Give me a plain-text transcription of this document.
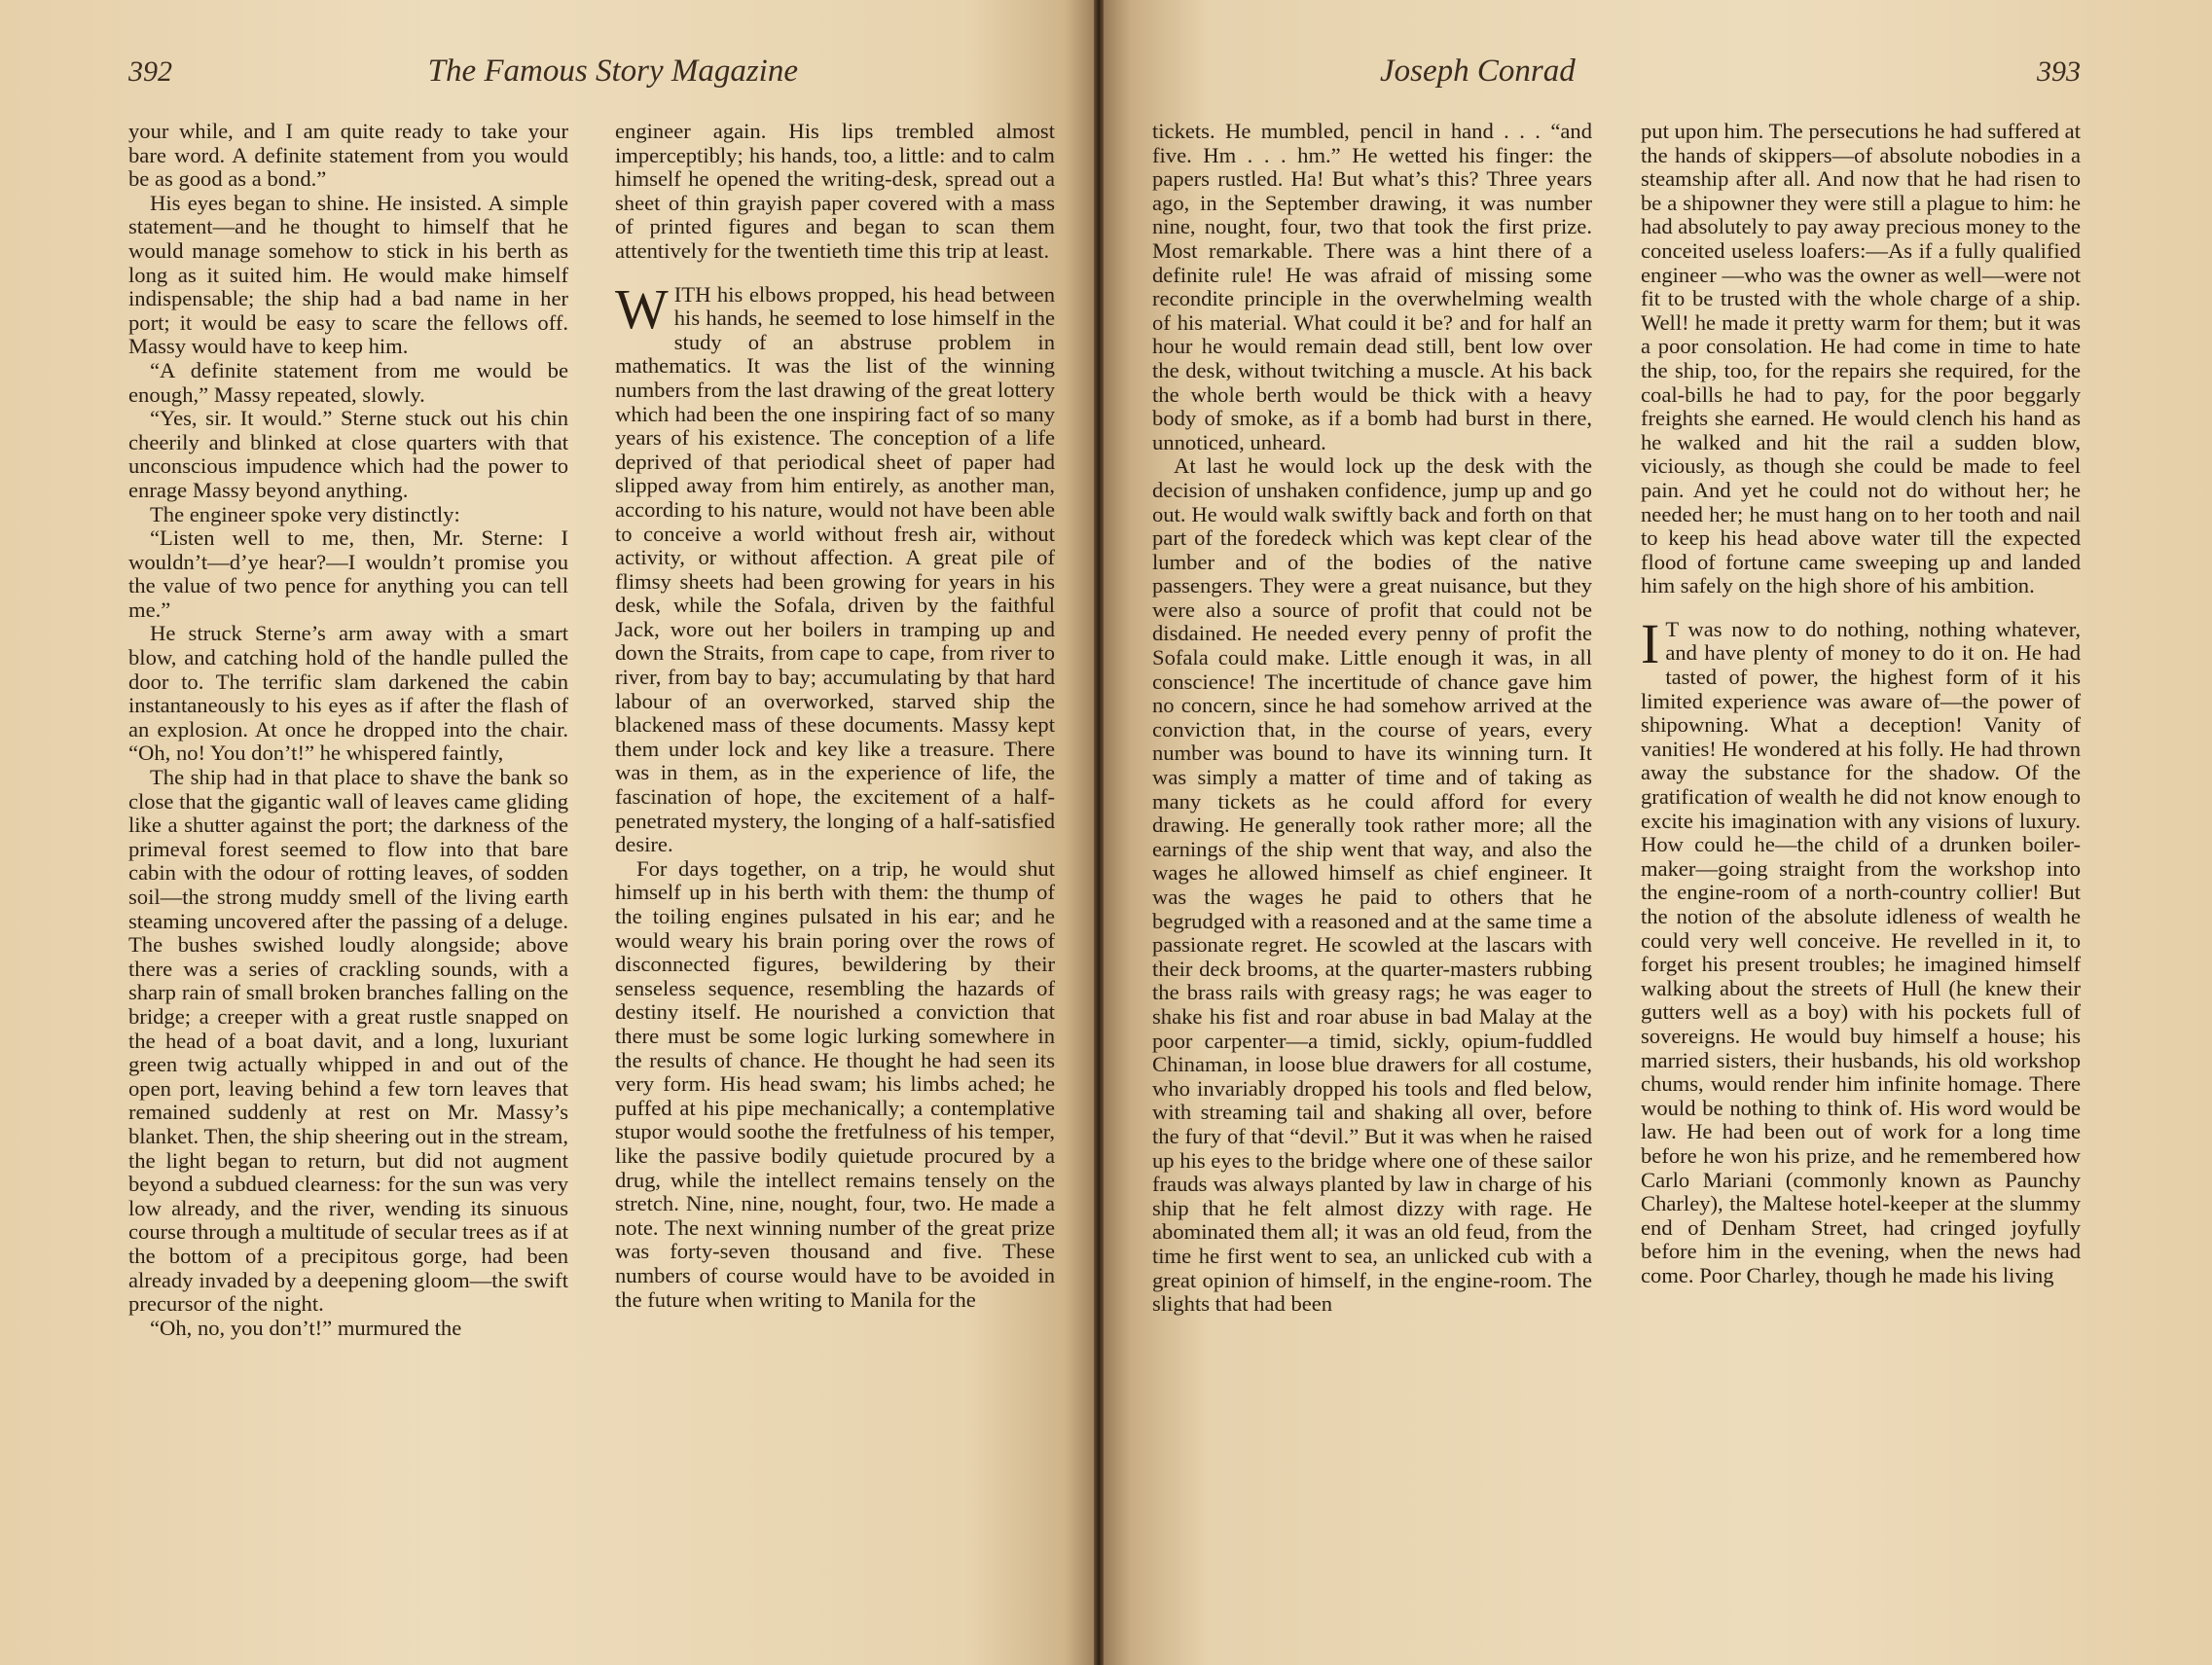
392	The Famous Story Magazine

your while, and I am quite ready to take your bare word. A definite statement from you would be as good as a bond.”

His eyes began to shine. He insisted. A simple statement—and he thought to himself that he would manage somehow to stick in his berth as long as it suited him. He would make himself indispensable; the ship had a bad name in her port; it would be easy to scare the fellows off. Massy would have to keep him.

“A definite statement from me would be enough,” Massy repeated, slowly.

“Yes, sir. It would.” Sterne stuck out his chin cheerily and blinked at close quarters with that unconscious impudence which had the power to enrage Massy beyond anything.

The engineer spoke very distinctly:

“Listen well to me, then, Mr. Sterne: I wouldn’t—d’ye hear?—I wouldn’t promise you the value of two pence for anything you can tell me.”

He struck Sterne’s arm away with a smart blow, and catching hold of the handle pulled the door to. The terrific slam darkened the cabin instantaneously to his eyes as if after the flash of an explosion. At once he dropped into the chair. “Oh, no! You don’t!” he whispered faintly,

The ship had in that place to shave the bank so close that the gigantic wall of leaves came gliding like a shutter against the port; the darkness of the primeval forest seemed to flow into that bare cabin with the odour of rotting leaves, of sodden soil—the strong muddy smell of the living earth steaming uncovered after the passing of a deluge. The bushes swished loudly alongside; above there was a series of crackling sounds, with a sharp rain of small broken branches falling on the bridge; a creeper with a great rustle snapped on the head of a boat davit, and a long, luxuriant green twig actually whipped in and out of the open port, leaving behind a few torn leaves that remained suddenly at rest on Mr. Massy’s blanket. Then, the ship sheering out in the stream, the light began to return, but did not augment beyond a subdued clearness: for the sun was very low already, and the river, wending its sinuous course through a multitude of secular trees as if at the bottom of a precipitous gorge, had been already invaded by a deepening gloom—the swift precursor of the night.

“Oh, no, you don’t!” murmured the

engineer again. His lips trembled almost imperceptibly; his hands, too, a little: and to calm himself he opened the writing-desk, spread out a sheet of thin grayish paper covered with a mass of printed figures and began to scan them attentively for the twentieth time this trip at least.

WITH his elbows propped, his head between his hands, he seemed to lose himself in the study of an abstruse problem in mathematics. It was the list of the winning numbers from the last drawing of the great lottery which had been the one inspiring fact of so many years of his existence. The conception of a life deprived of that periodical sheet of paper had slipped away from him entirely, as another man, according to his nature, would not have been able to conceive a world without fresh air, without activity, or without affection. A great pile of flimsy sheets had been growing for years in his desk, while the Sofala, driven by the faithful Jack, wore out her boilers in tramping up and down the Straits, from cape to cape, from river to river, from bay to bay; accumulating by that hard labour of an overworked, starved ship the blackened mass of these documents. Massy kept them under lock and key like a treasure. There was in them, as in the experience of life, the fascination of hope, the excitement of a half-penetrated mystery, the longing of a half-satisfied desire.

For days together, on a trip, he would shut himself up in his berth with them: the thump of the toiling engines pulsated in his ear; and he would weary his brain poring over the rows of disconnected figures, bewildering by their senseless sequence, resembling the hazards of destiny itself. He nourished a conviction that there must be some logic lurking somewhere in the results of chance. He thought he had seen its very form. His head swam; his limbs ached; he puffed at his pipe mechanically; a contemplative stupor would soothe the fretfulness of his temper, like the passive bodily quietude procured by a drug, while the intellect remains tensely on the stretch. Nine, nine, nought, four, two. He made a note. The next winning number of the great prize was forty-seven thousand and five. These numbers of course would have to be avoided in the future when writing to Manila for the

Joseph Conrad	393

tickets. He mumbled, pencil in hand . . . “and five. Hm . . . hm.” He wetted his finger: the papers rustled. Ha! But what’s this? Three years ago, in the September drawing, it was number nine, nought, four, two that took the first prize. Most remarkable. There was a hint there of a definite rule! He was afraid of missing some recondite principle in the overwhelming wealth of his material. What could it be? and for half an hour he would remain dead still, bent low over the desk, without twitching a muscle. At his back the whole berth would be thick with a heavy body of smoke, as if a bomb had burst in there, unnoticed, unheard.

At last he would lock up the desk with the decision of unshaken confidence, jump up and go out. He would walk swiftly back and forth on that part of the foredeck which was kept clear of the lumber and of the bodies of the native passengers. They were a great nuisance, but they were also a source of profit that could not be disdained. He needed every penny of profit the Sofala could make. Little enough it was, in all conscience! The incertitude of chance gave him no concern, since he had somehow arrived at the conviction that, in the course of years, every number was bound to have its winning turn. It was simply a matter of time and of taking as many tickets as he could afford for every drawing. He generally took rather more; all the earnings of the ship went that way, and also the wages he allowed himself as chief engineer. It was the wages he paid to others that he begrudged with a reasoned and at the same time a passionate regret. He scowled at the lascars with their deck brooms, at the quarter-masters rubbing the brass rails with greasy rags; he was eager to shake his fist and roar abuse in bad Malay at the poor carpenter—a timid, sickly, opium-fuddled Chinaman, in loose blue drawers for all costume, who invariably dropped his tools and fled below, with streaming tail and shaking all over, before the fury of that “devil.” But it was when he raised up his eyes to the bridge where one of these sailor frauds was always planted by law in charge of his ship that he felt almost dizzy with rage. He abominated them all; it was an old feud, from the time he first went to sea, an unlicked cub with a great opinion of himself, in the engine-room. The slights that had been

put upon him. The persecutions he had suffered at the hands of skippers—of absolute nobodies in a steamship after all. And now that he had risen to be a shipowner they were still a plague to him: he had absolutely to pay away precious money to the conceited useless loafers:—As if a fully qualified engineer —who was the owner as well—were not fit to be trusted with the whole charge of a ship. Well! he made it pretty warm for them; but it was a poor consolation. He had come in time to hate the ship, too, for the repairs she required, for the coal-bills he had to pay, for the poor beggarly freights she earned. He would clench his hand as he walked and hit the rail a sudden blow, viciously, as though she could be made to feel pain. And yet he could not do without her; he needed her; he must hang on to her tooth and nail to keep his head above water till the expected flood of fortune came sweeping up and landed him safely on the high shore of his ambition.

I T was now to do nothing, nothing whatever, and have plenty of money to do it on. He had tasted of power, the highest form of it his limited experience was aware of—the power of shipowning. What a deception! Vanity of vanities! He wondered at his folly. He had thrown away the substance for the shadow. Of the gratification of wealth he did not know enough to excite his imagination with any visions of luxury. How could he—the child of a drunken boiler-maker—going straight from the workshop into the engine-room of a north-country collier! But the notion of the absolute idleness of wealth he could very well conceive. He revelled in it, to forget his present troubles; he imagined himself walking about the streets of Hull (he knew their gutters well as a boy) with his pockets full of sovereigns. He would buy himself a house; his married sisters, their husbands, his old workshop chums, would render him infinite homage. There would be nothing to think of. His word would be law. He had been out of work for a long time before he won his prize, and he remembered how Carlo Mariani (commonly known as Paunchy Charley), the Maltese hotel-keeper at the slummy end of Denham Street, had cringed joyfully before him in the evening, when the news had come. Poor Charley, though he made his living
